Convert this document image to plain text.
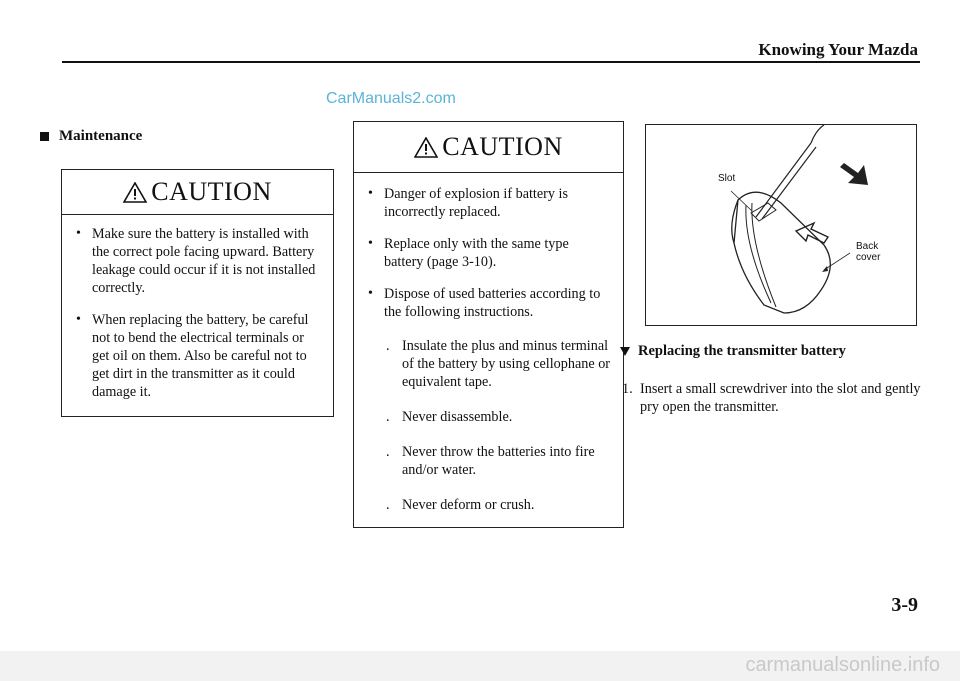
Knowing Your Mazda
CarManuals2.com
Maintenance
CAUTION
• Make sure the battery is installed with the correct pole facing upward. Battery leakage could occur if it is not installed correctly.
• When replacing the battery, be careful not to bend the electrical terminals or get oil on them. Also be careful not to get dirt in the transmitter as it could damage it.
CAUTION
• Danger of explosion if battery is incorrectly replaced.
• Replace only with the same type battery (page 3-10).
• Dispose of used batteries according to the following instructions.
. Insulate the plus and minus terminal of the battery by using cellophane or equivalent tape.
. Never disassemble.
. Never throw the batteries into fire and/or water.
. Never deform or crush.
Slot
Back
cover
Replacing the transmitter battery
1. Insert a small screwdriver into the slot and gently pry open the transmitter.
3-9
carmanualsonline.info
